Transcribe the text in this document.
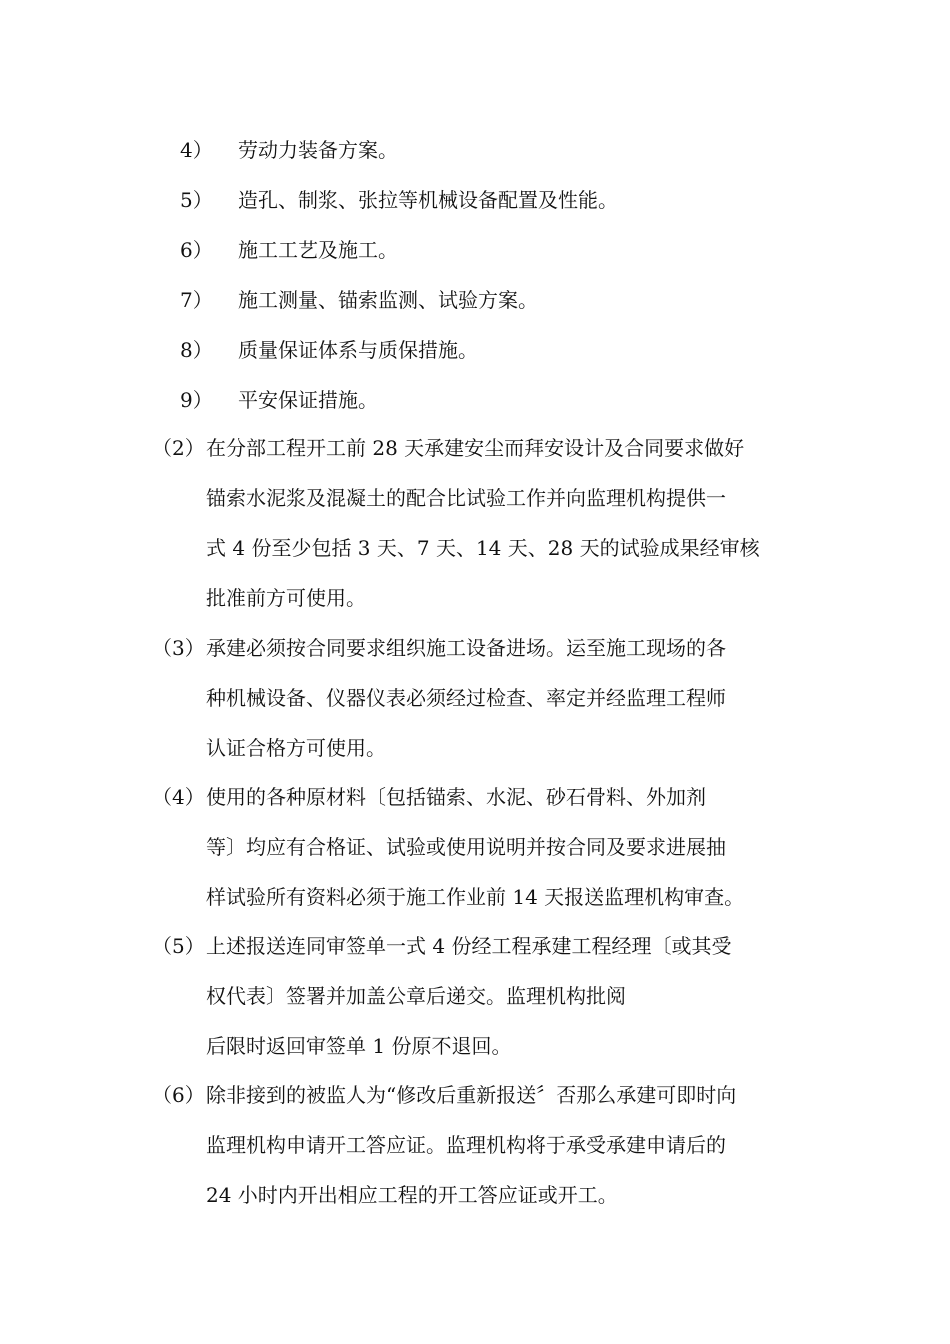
4） 劳动力装备方案。
5） 造孔、制浆、张拉等机械设备配置及性能。
6） 施工工艺及施工。
7） 施工测量、锚索监测、试验方案。
8） 质量保证体系与质保措施。
9） 平安保证措施。
（2） 在分部工程开工前 28 天承建安尘而拜安设计及合同要求做好
锚索水泥浆及混凝土的配合比试验工作并向监理机构提供一
式 4 份至少包括 3 天、7 天、14 天、28 天的试验成果经审核
批准前方可使用。
（3） 承建必须按合同要求组织施工设备进场。运至施工现场的各
种机械设备、仪器仪表必须经过检查、率定并经监理工程师
认证合格方可使用。
（4） 使用的各种原材料〔包括锚索、水泥、砂石骨料、外加剂
等〕均应有合格证、试验或使用说明并按合同及要求进展抽
样试验所有资料必须于施工作业前 14 天报送监理机构审查。
（5） 上述报送连同审签单一式 4 份经工程承建工程经理〔或其受
权代表〕签署并加盖公章后递交。监理机构批阅
后限时返回审签单 1 份原不退回。
（6） 除非接到的被监人为“修改后重新报送〞否那么承建可即时向
监理机构申请开工答应证。监理机构将于承受承建申请后的
24 小时内开出相应工程的开工答应证或开工。
